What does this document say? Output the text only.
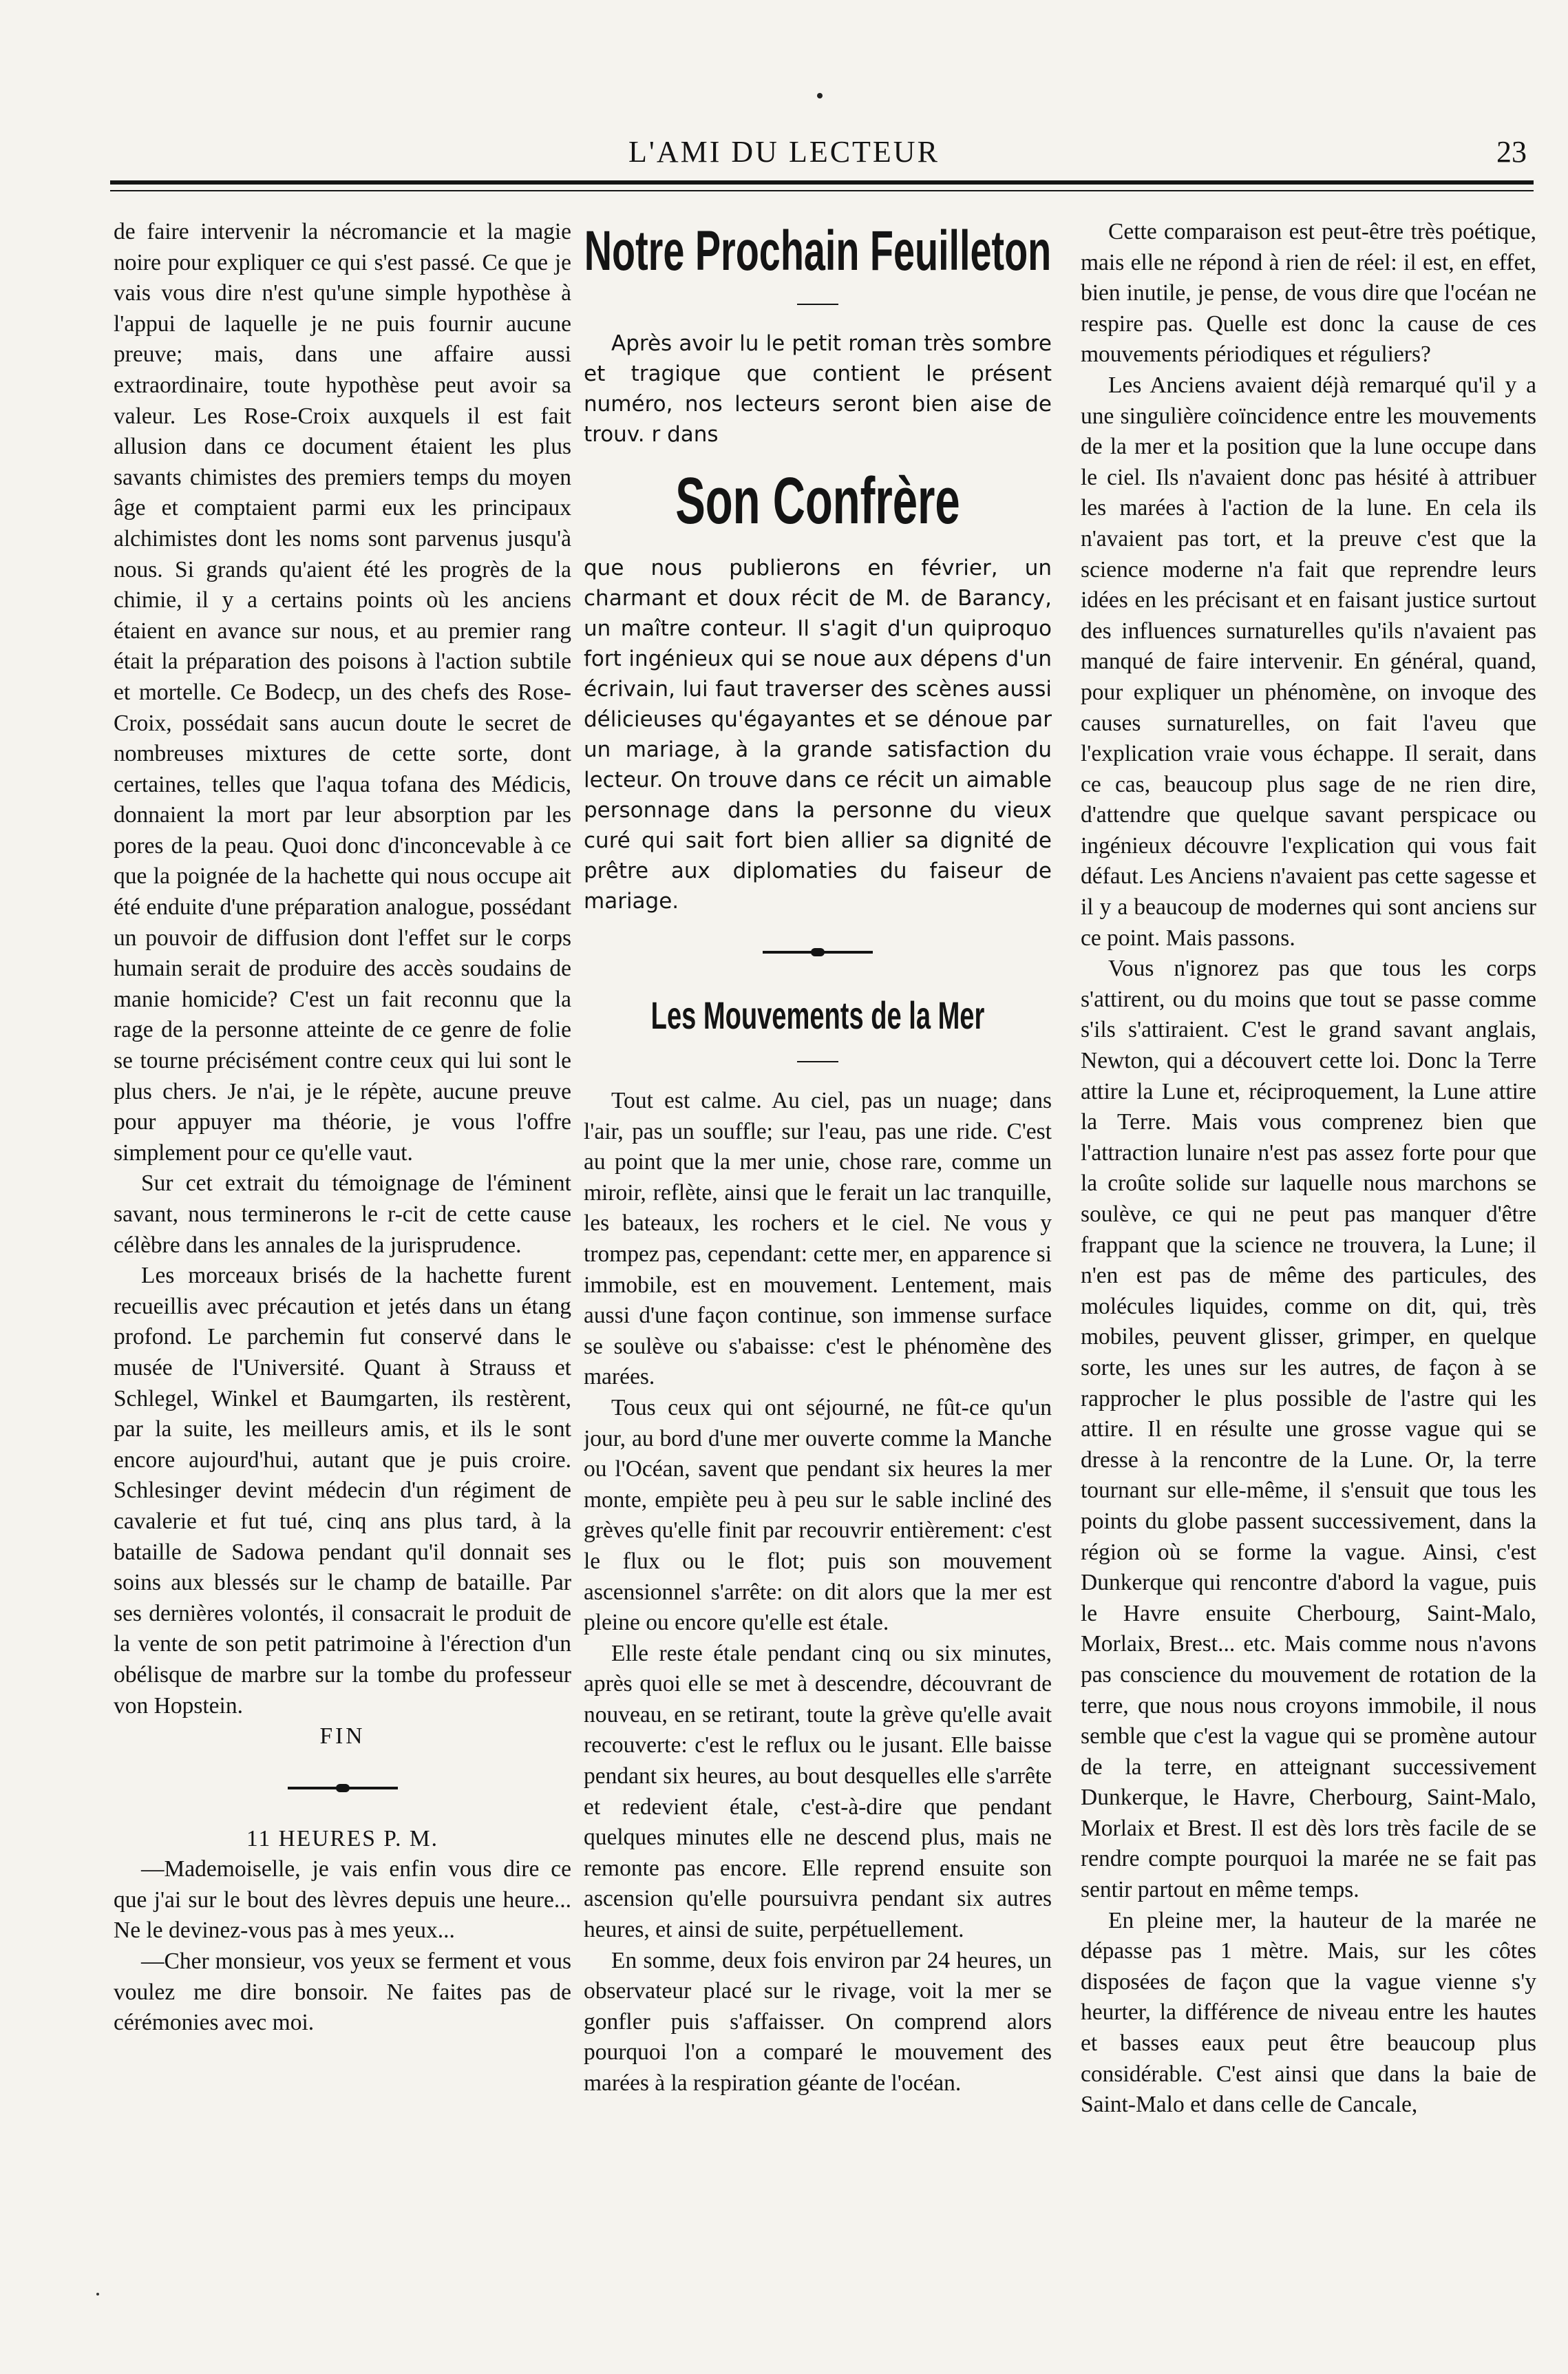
L'AMI DU LECTEUR	23

de faire intervenir la nécromancie et la magie noire pour expliquer ce qui s'est passé. Ce que je vais vous dire n'est qu'une simple hypothèse à l'appui de laquelle je ne puis fournir aucune preuve; mais, dans une affaire aussi extraordinaire, toute hypothèse peut avoir sa valeur. Les Rose-Croix auxquels il est fait allusion dans ce document étaient les plus savants chimistes des premiers temps du moyen âge et comptaient parmi eux les principaux alchimistes dont les noms sont parvenus jusqu'à nous. Si grands qu'aient été les progrès de la chimie, il y a certains points où les anciens étaient en avance sur nous, et au premier rang était la préparation des poisons à l'action subtile et mortelle. Ce Bodecp, un des chefs des Rose-Croix, possédait sans aucun doute le secret de nombreuses mixtures de cette sorte, dont certaines, telles que l'aqua tofana des Médicis, donnaient la mort par leur absorption par les pores de la peau. Quoi donc d'inconcevable à ce que la poignée de la hachette qui nous occupe ait été enduite d'une préparation analogue, possédant un pouvoir de diffusion dont l'effet sur le corps humain serait de produire des accès soudains de manie homicide? C'est un fait reconnu que la rage de la personne atteinte de ce genre de folie se tourne précisément contre ceux qui lui sont le plus chers. Je n'ai, je le répète, aucune preuve pour appuyer ma théorie, je vous l'offre simplement pour ce qu'elle vaut.

Sur cet extrait du témoignage de l'éminent savant, nous terminerons le r-cit de cette cause célèbre dans les annales de la jurisprudence.

Les morceaux brisés de la hachette furent recueillis avec précaution et jetés dans un étang profond. Le parchemin fut conservé dans le musée de l'Université. Quant à Strauss et Schlegel, Winkel et Baumgarten, ils restèrent, par la suite, les meilleurs amis, et ils le sont encore aujourd'hui, autant que je puis croire. Schlesinger devint médecin d'un régiment de cavalerie et fut tué, cinq ans plus tard, à la bataille de Sadowa pendant qu'il donnait ses soins aux blessés sur le champ de bataille. Par ses dernières volontés, il consacrait le produit de la vente de son petit patrimoine à l'érection d'un obélisque de marbre sur la tombe du professeur von Hopstein.

FIN

11 HEURES P. M.

—Mademoiselle, je vais enfin vous dire ce que j'ai sur le bout des lèvres depuis une heure... Ne le devinez-vous pas à mes yeux...

—Cher monsieur, vos yeux se ferment et vous voulez me dire bonsoir. Ne faites pas de cérémonies avec moi.

Notre Prochain Feuilleton

Après avoir lu le petit roman très sombre et tragique que contient le présent numéro, nos lecteurs seront bien aise de trouv. r dans

Son Confrère

que nous publierons en février, un charmant et doux récit de M. de Barancy, un maître conteur. Il s'agit d'un quiproquo fort ingénieux qui se noue aux dépens d'un écrivain, lui faut traverser des scènes aussi délicieuses qu'égayantes et se dénoue par un mariage, à la grande satisfaction du lecteur. On trouve dans ce récit un aimable personnage dans la personne du vieux curé qui sait fort bien allier sa dignité de prêtre aux diplomaties du faiseur de mariage.

Les Mouvements de la Mer

Tout est calme. Au ciel, pas un nuage; dans l'air, pas un souffle; sur l'eau, pas une ride. C'est au point que la mer unie, chose rare, comme un miroir, reflète, ainsi que le ferait un lac tranquille, les bateaux, les rochers et le ciel. Ne vous y trompez pas, cependant: cette mer, en apparence si immobile, est en mouvement. Lentement, mais aussi d'une façon continue, son immense surface se soulève ou s'abaisse: c'est le phénomène des marées.

Tous ceux qui ont séjourné, ne fût-ce qu'un jour, au bord d'une mer ouverte comme la Manche ou l'Océan, savent que pendant six heures la mer monte, empiète peu à peu sur le sable incliné des grèves qu'elle finit par recouvrir entièrement: c'est le flux ou le flot; puis son mouvement ascensionnel s'arrête: on dit alors que la mer est pleine ou encore qu'elle est étale.

Elle reste étale pendant cinq ou six minutes, après quoi elle se met à descendre, découvrant de nouveau, en se retirant, toute la grève qu'elle avait recouverte: c'est le reflux ou le jusant. Elle baisse pendant six heures, au bout desquelles elle s'arrête et redevient étale, c'est-à-dire que pendant quelques minutes elle ne descend plus, mais ne remonte pas encore. Elle reprend ensuite son ascension qu'elle poursuivra pendant six autres heures, et ainsi de suite, perpétuellement.

En somme, deux fois environ par 24 heures, un observateur placé sur le rivage, voit la mer se gonfler puis s'affaisser. On comprend alors pourquoi l'on a comparé le mouvement des marées à la respiration géante de l'océan.

Cette comparaison est peut-être très poétique, mais elle ne répond à rien de réel: il est, en effet, bien inutile, je pense, de vous dire que l'océan ne respire pas. Quelle est donc la cause de ces mouvements périodiques et réguliers?

Les Anciens avaient déjà remarqué qu'il y a une singulière coïncidence entre les mouvements de la mer et la position que la lune occupe dans le ciel. Ils n'avaient donc pas hésité à attribuer les marées à l'action de la lune. En cela ils n'avaient pas tort, et la preuve c'est que la science moderne n'a fait que reprendre leurs idées en les précisant et en faisant justice surtout des influences surnaturelles qu'ils n'avaient pas manqué de faire intervenir. En général, quand, pour expliquer un phénomène, on invoque des causes surnaturelles, on fait l'aveu que l'explication vraie vous échappe. Il serait, dans ce cas, beaucoup plus sage de ne rien dire, d'attendre que quelque savant perspicace ou ingénieux découvre l'explication qui vous fait défaut. Les Anciens n'avaient pas cette sagesse et il y a beaucoup de modernes qui sont anciens sur ce point. Mais passons.

Vous n'ignorez pas que tous les corps s'attirent, ou du moins que tout se passe comme s'ils s'attiraient. C'est le grand savant anglais, Newton, qui a découvert cette loi. Donc la Terre attire la Lune et, réciproquement, la Lune attire la Terre. Mais vous comprenez bien que l'attraction lunaire n'est pas assez forte pour que la croûte solide sur laquelle nous marchons se soulève, ce qui ne peut pas manquer d'être frappant que la science ne trouvera, la Lune; il n'en est pas de même des particules, des molécules liquides, comme on dit, qui, très mobiles, peuvent glisser, grimper, en quelque sorte, les unes sur les autres, de façon à se rapprocher le plus possible de l'astre qui les attire. Il en résulte une grosse vague qui se dresse à la rencontre de la Lune. Or, la terre tournant sur elle-même, il s'ensuit que tous les points du globe passent successivement, dans la région où se forme la vague. Ainsi, c'est Dunkerque qui rencontre d'abord la vague, puis le Havre ensuite Cherbourg, Saint-Malo, Morlaix, Brest... etc. Mais comme nous n'avons pas conscience du mouvement de rotation de la terre, que nous nous croyons immobile, il nous semble que c'est la vague qui se promène autour de la terre, en atteignant successivement Dunkerque, le Havre, Cherbourg, Saint-Malo, Morlaix et Brest. Il est dès lors très facile de se rendre compte pourquoi la marée ne se fait pas sentir partout en même temps.

En pleine mer, la hauteur de la marée ne dépasse pas 1 mètre. Mais, sur les côtes disposées de façon que la vague vienne s'y heurter, la différence de niveau entre les hautes et basses eaux peut être beaucoup plus considérable. C'est ainsi que dans la baie de Saint-Malo et dans celle de Cancale,
